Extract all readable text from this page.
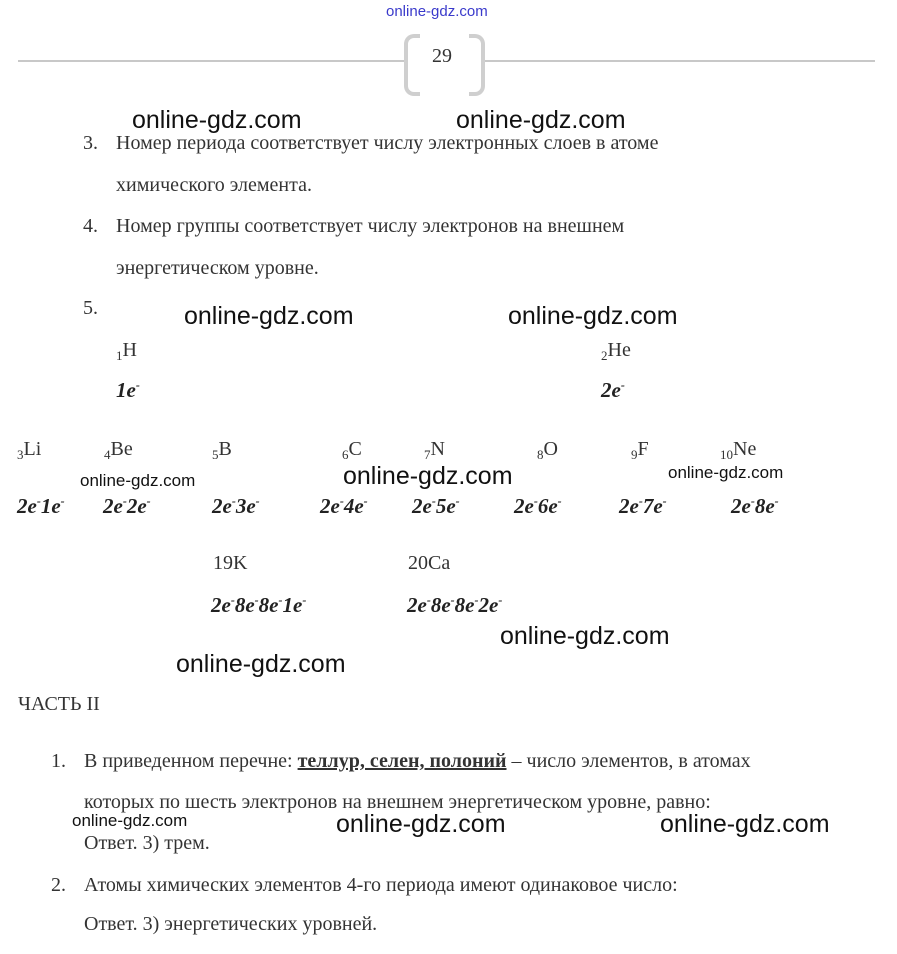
online-gdz.com
29
3. Номер периода соответствует числу электронных слоев в атоме
химического элемента.
4. Номер группы соответствует числу электронов на внешнем
энергетическом уровне.
5.
$_1$H
1e-
$_2$He
2e-
$_3$Li
2e-1e-
$_4$Be
2e-2e-
$_5$B
2e-3e-
$_6$C
2e-4e-
$_7$N
2e-5e-
$_8$O
2e-6e-
$_9$F
2e-7e-
$_{10}$Ne
2e-8e-
19K
2e-8e-8e-1e-
20Ca
2e-8e-8e-2e-
ЧАСТЬ II
1. В приведенном перечне: теллур, селен, полоний – число элементов, в атомах
которых по шесть электронов на внешнем энергетическом уровне, равно:
Ответ. 3) трем.
2. Атомы химических элементов 4-го периода имеют одинаковое число:
Ответ. 3) энергетических уровней.
online-gdz.com	online-gdz.com
online-gdz.com	online-gdz.com
online-gdz.com	online-gdz.com	online-gdz.com
online-gdz.com
online-gdz.com
online-gdz.com	online-gdz.com	online-gdz.com
